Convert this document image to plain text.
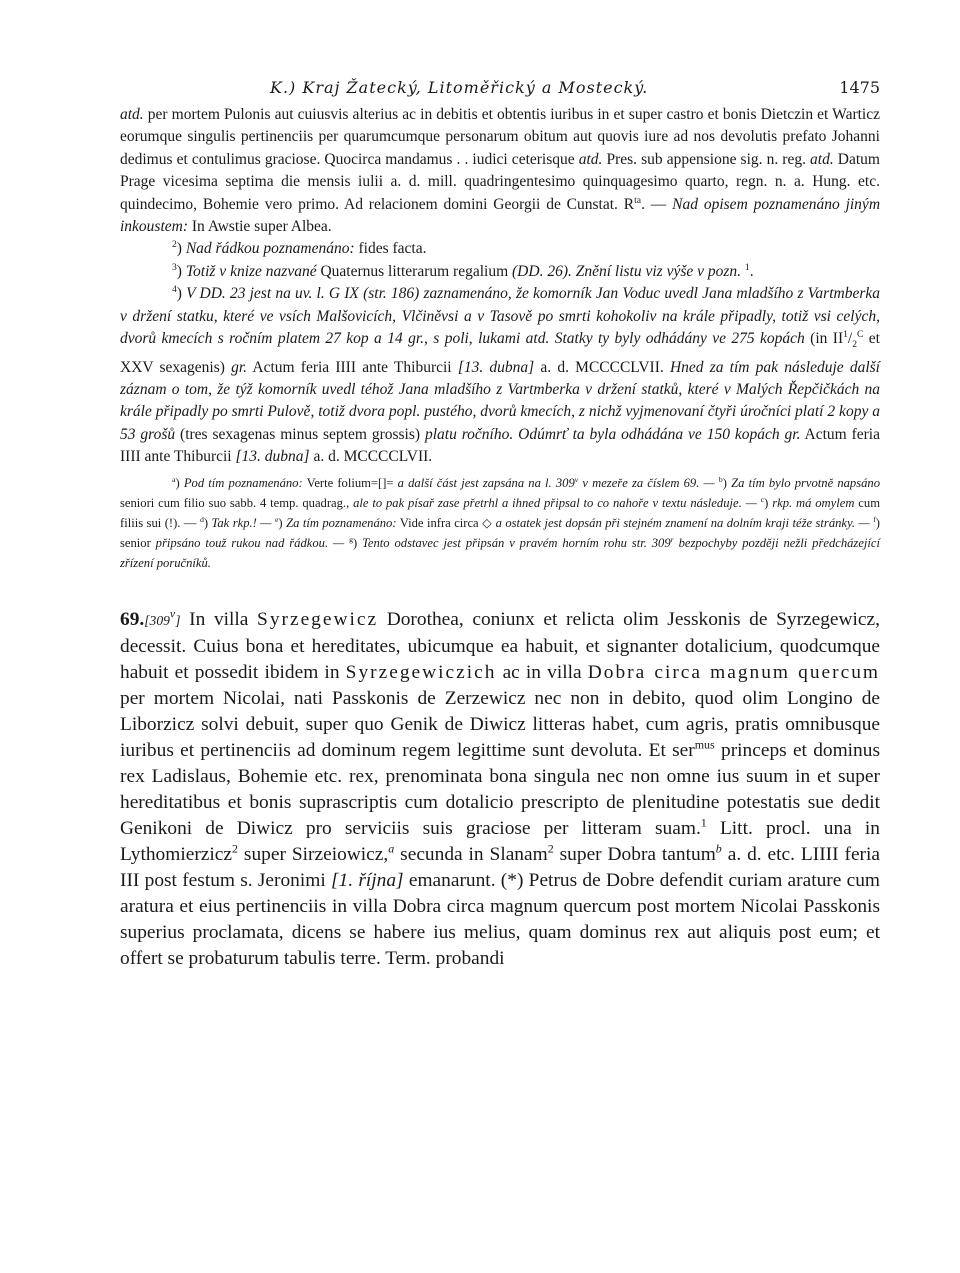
K.) Kraj Žatecký, Litoměřický a Mostecký.	1475

atd. per mortem Pulonis aut cuiusvis alterius ac in debitis et obtentis iuribus in et super castro et bonis Dietczin et Warticz eorumque singulis pertinenciis per quarumcumque personarum obitum aut quovis iure ad nos devolutis prefato Johanni dedimus et contulimus graciose. Quocirca mandamus . . iudici ceterisque atd. Pres. sub appensione sig. n. reg. atd. Datum Prage vicesima septima die mensis iulii a. d. mill. quadringentesimo quinquagesimo quarto, regn. n. a. Hung. etc. quindecimo, Bohemie vero primo. Ad relacionem domini Georgii de Cunstat. $R^{ta}$. — Nad opisem poznamenáno jiným inkoustem: In Awstie super Albea.

$^2$) Nad řádkou poznamenáno: fides facta.

$^3$) Totiž v knize nazvané Quaternus litterarum regalium (DD. 26). Znění listu viz výše v pozn. $^1$.

$^4$) V DD. 23 jest na uv. l. G IX (str. 186) zaznamenáno, že komorník Jan Voduc uvedl Jana mladšího z Vartmberka v držení statku, které ve vsích Malšovicích, Vlčiněvsi a v Tasově po smrti kohokoliv na krále připadly, totiž vsi celých, dvorů kmecích s ročním platem 27 kop a 14 gr., s poli, lukami atd. Statky ty byly odhádány ve 275 kopách (in $II^1/_2^C$ et XXV sexagenis) gr. Actum feria IIII ante Thiburcii [13. dubna] a. d. MCCCCLVII. Hned za tím pak následuje další záznam o tom, že týž komorník uvedl téhož Jana mladšího z Vartmberka v držení statků, které v Malých Řepčičkách na krále připadly po smrti Pulově, totiž dvora popl. pustého, dvorů kmecích, z nichž vyjmenovaní čtyři úročníci platí 2 kopy a 53 grošů (tres sexagenas minus septem grossis) platu ročního. Odúmrť ta byla odhádána ve 150 kopách gr. Actum feria IIII ante Thiburcii [13. dubna] a. d. MCCCCLVII.

$^a$) Pod tím poznamenáno: Verte folium=[]= a další část jest zapsána na l. 309$^v$ v mezeře za číslem 69. — $^b$) Za tím bylo prvotně napsáno seniori cum filio suo sabb. 4 temp. quadrag., ale to pak písař zase přetrhl a ihned připsal to co nahoře v textu následuje. — $^c$) rkp. má omylem cum filiis sui (!). — $^d$) Tak rkp.! — $^e$) Za tím poznamenáno: Vide infra circa ◇ a ostatek jest dopsán při stejném znamení na dolním kraji téže stránky. — $^f$) senior připsáno touž rukou nad řádkou. — $^g$) Tento odstavec jest připsán v pravém horním rohu str. 309$^r$ bezpochyby později nežli předcházející zřízení poručníků.

69.[309$^v$] In villa Syrzegewicz Dorothea, coniunx et relicta olim Jesskonis de Syrzegewicz, decessit. Cuius bona et hereditates, ubicumque ea habuit, et signanter dotalicium, quodcumque habuit et possedit ibidem in Syrzegewiczich ac in villa Dobra circa magnum quercum per mortem Nicolai, nati Passkonis de Zerzewicz nec non in debito, quod olim Longino de Liborzicz solvi debuit, super quo Genik de Diwicz litteras habet, cum agris, pratis omnibusque iuribus et pertinenciis ad dominum regem legittime sunt devoluta. Et ser$^{mus}$ princeps et dominus rex Ladislaus, Bohemie etc. rex, prenominata bona singula nec non omne ius suum in et super hereditatibus et bonis suprascriptis cum dotalicio prescripto de plenitudine potestatis sue dedit Genikoni de Diwicz pro serviciis suis graciose per litteram suam.$^1$ Litt. procl. una in Lythomierzicz$^2$ super Sirzeiowicz,$^a$ secunda in Slanam$^2$ super Dobra tantum$^b$ a. d. etc. LIIII feria III post festum s. Jeronimi [1. října] emanarunt. (*) Petrus de Dobre defendit curiam arature cum aratura et eius pertinenciis in villa Dobra circa magnum quercum post mortem Nicolai Passkonis superius proclamata, dicens se habere ius melius, quam dominus rex aut aliquis post eum; et offert se probaturum tabulis terre. Term. probandi
